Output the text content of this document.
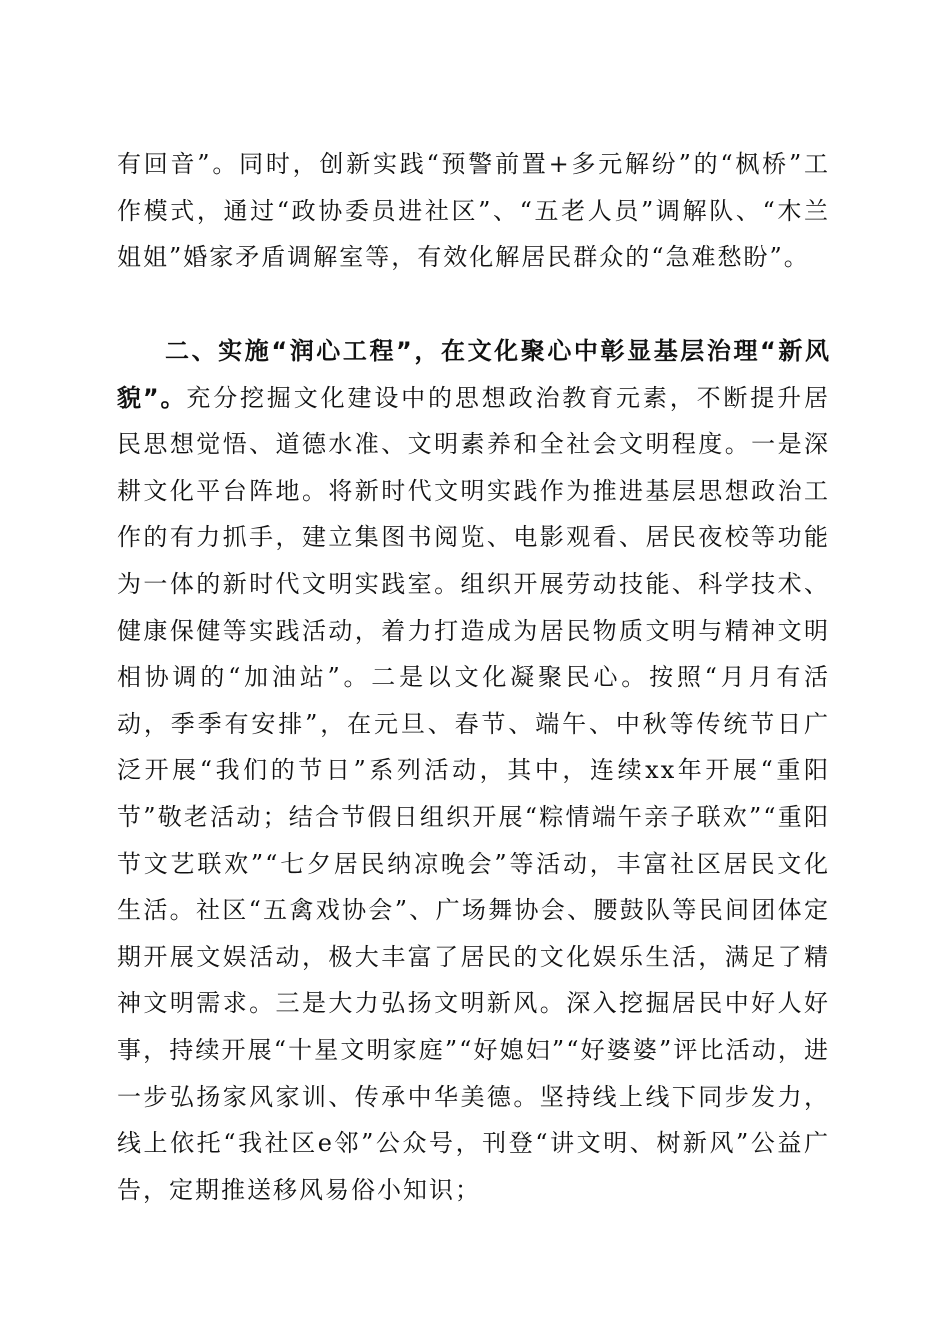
有回音”。同时，创新实践“预警前置+多元解纷”的“枫桥”工作模式，通过“政协委员进社区”、“五老人员”调解队、“木兰姐姐”婚家矛盾调解室等，有效化解居民群众的“急难愁盼”。

二、实施“润心工程”，在文化聚心中彰显基层治理“新风貌”。充分挖掘文化建设中的思想政治教育元素，不断提升居民思想觉悟、道德水准、文明素养和全社会文明程度。一是深耕文化平台阵地。将新时代文明实践作为推进基层思想政治工作的有力抓手，建立集图书阅览、电影观看、居民夜校等功能为一体的新时代文明实践室。组织开展劳动技能、科学技术、健康保健等实践活动，着力打造成为居民物质文明与精神文明相协调的“加油站”。二是以文化凝聚民心。按照“月月有活动，季季有安排”，在元旦、春节、端午、中秋等传统节日广泛开展“我们的节日”系列活动，其中，连续xx年开展“重阳节”敬老活动；结合节假日组织开展“粽情端午亲子联欢”“重阳节文艺联欢”“七夕居民纳凉晚会”等活动，丰富社区居民文化生活。社区“五禽戏协会”、广场舞协会、腰鼓队等民间团体定期开展文娱活动，极大丰富了居民的文化娱乐生活，满足了精神文明需求。三是大力弘扬文明新风。深入挖掘居民中好人好事，持续开展“十星文明家庭”“好媳妇”“好婆婆”评比活动，进一步弘扬家风家训、传承中华美德。坚持线上线下同步发力，线上依托“我社区e邻”公众号，刊登“讲文明、树新风”公益广告，定期推送移风易俗小知识；
